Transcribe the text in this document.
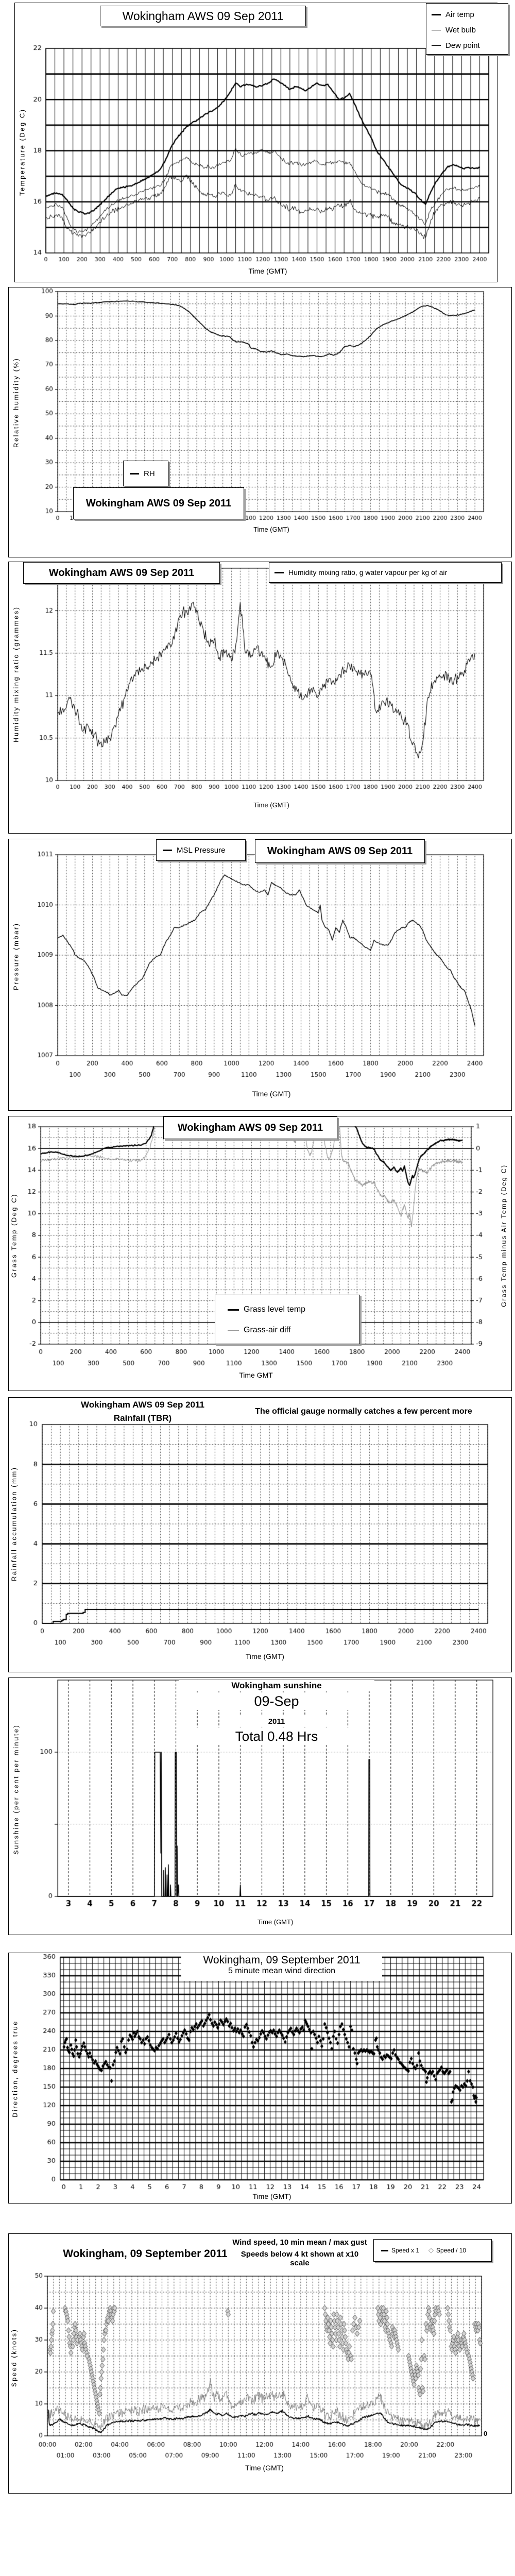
Wokingham AWS 09 Sep 2011	Air temp
Wet bulb
Dew point
Temperature (Deg C)
Time (GMT)
RH
Wokingham AWS 09 Sep 2011
Relative humidity (%)
Time (GMT)
Wokingham AWS 09 Sep 2011	Humidity mixing ratio, g water vapour per kg of air
Humidity mixing ratio (grammes)
Time (GMT)
MSL Pressure	Wokingham AWS 09 Sep 2011
Pressure (mbar)
Time (GMT)
Wokingham AWS 09 Sep 2011
Grass level temp
Grass-air diff
Grass Temp (Deg C)	Grass Temp minus Air Temp (Deg C)
Time GMT
Wokingham AWS 09 Sep 2011
Rainfall (TBR)
The official gauge normally catches a few percent more
Rainfall accumulation (mm)
Time (GMT)
Wokingham sunshine
09-Sep
2011
Total 0.48 Hrs
Sunshine (per cent per minute)
Time (GMT)
Wokingham, 09 September 2011
5 minute mean wind direction
Direction, degrees true
Time (GMT)
Wokingham, 09 September 2011
Wind speed, 10 min mean / max gust
Speeds below 4 kt shown at x10 scale
Speed x 1 ◇ Speed / 10
Speed (knots)
0
Time (GMT)
